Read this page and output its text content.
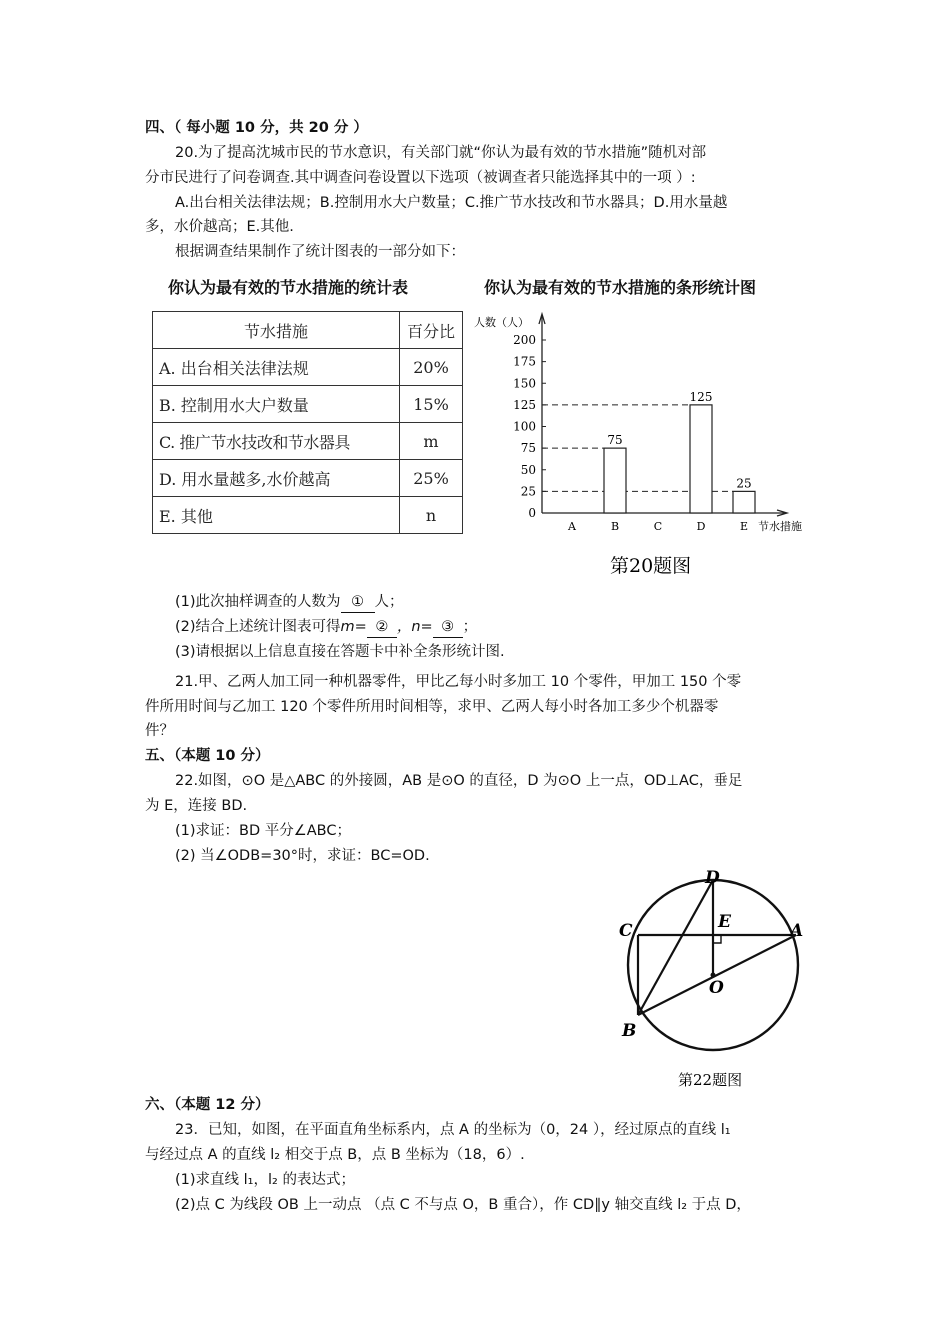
四、（ 每小题 10 分，共 20 分 ）
20.为了提高沈城市民的节水意识，有关部门就“你认为最有效的节水措施”随机对部
分市民进行了问卷调查.其中调查问卷设置以下选项（被调查者只能选择其中的一项 ）:
A.出台相关法律法规；B.控制用水大户数量；C.推广节水技改和节水器具；D.用水量越
多，水价越高；E.其他.
根据调查结果制作了统计图表的一部分如下：
你认为最有效的节水措施的统计表
节水措施	百分比
A. 出台相关法律法规	20%
B. 控制用水大户数量	15%
C. 推广节水技改和节水器具	m
D. 用水量越多,水价越高	25%
E. 其他	n
你认为最有效的节水措施的条形统计图
人数（人）
节水措施
0
25
50
75
100
125
150
175
200
A
75
B	C
125
D
25
E
第20题图
(1)此次抽样调查的人数为 ① 人；
(2)结合上述统计图表可得m= ② ，n= ③ ；
(3)请根据以上信息直接在答题卡中补全条形统计图.
21.甲、乙两人加工同一种机器零件，甲比乙每小时多加工 10 个零件，甲加工 150 个零
件所用时间与乙加工 120 个零件所用时间相等，求甲、乙两人每小时各加工多少个机器零
件？
五、（本题 10 分）
22.如图，⊙O 是△ABC 的外接圆，AB 是⊙O 的直径，D 为⊙O 上一点，OD⊥AC，垂足
为 E，连接 BD.
(1)求证：BD 平分∠ABC；
(2) 当∠ODB=30°时，求证：BC=OD.
D
E
C	A
O
B
第22题图
六、（本题 12 分）
23．已知，如图，在平面直角坐标系内，点 A 的坐标为（0，24 ），经过原点的直线 l₁
与经过点 A 的直线 l₂ 相交于点 B，点 B 坐标为（18，6）.
(1)求直线 l₁，l₂ 的表达式；
(2)点 C 为线段 OB 上一动点 （点 C 不与点 O，B 重合），作 CD∥y 轴交直线 l₂ 于点 D，
